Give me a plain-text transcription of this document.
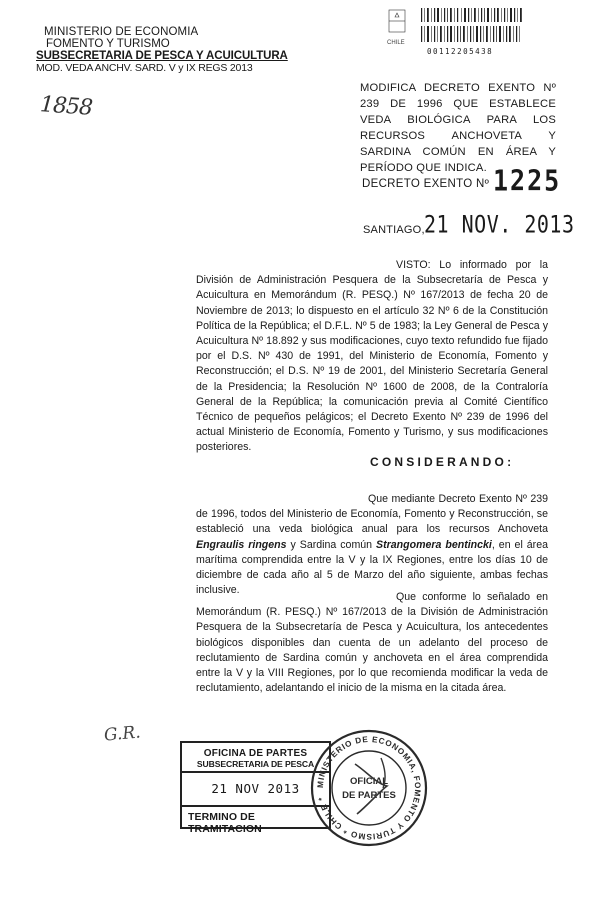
MINISTERIO DE ECONOMIA
FOMENTO Y TURISMO
SUBSECRETARIA DE PESCA Y ACUICULTURA
MOD. VEDA ANCHV. SARD. V y IX REGS 2013
CHILE
00112205438
1858
MODIFICA DECRETO EXENTO Nº 239 DE 1996 QUE ESTABLECE VEDA BIOLÓGICA PARA LOS RECURSOS ANCHOVETA Y SARDINA COMÚN EN ÁREA Y PERÍODO QUE INDICA.
DECRETO EXENTO Nº 1225
SANTIAGO, 21 NOV. 2013
VISTO: Lo informado por la División de Administración Pesquera de la Subsecretaría de Pesca y Acuicultura en Memorándum (R. PESQ.) Nº 167/2013 de fecha 20 de Noviembre de 2013; lo dispuesto en el artículo 32 Nº 6 de la Constitución Política de la República; el D.F.L. Nº 5 de 1983; la Ley General de Pesca y Acuicultura Nº 18.892 y sus modificaciones, cuyo texto refundido fue fijado por el D.S. Nº 430 de 1991, del Ministerio de Economía, Fomento y Reconstrucción; el D.S. Nº 19 de 2001, del Ministerio Secretaría General de la Presidencia; la Resolución Nº 1600 de 2008, de la Contraloría General de la República; la comunicación previa al Comité Científico Técnico de pequeños pelágicos; el Decreto Exento Nº 239 de 1996 del actual Ministerio de Economía, Fomento y Turismo, y sus modificaciones posteriores.
CONSIDERANDO:
Que mediante Decreto Exento Nº 239 de 1996, todos del Ministerio de Economía, Fomento y Reconstrucción, se estableció una veda biológica anual para los recursos Anchoveta Engraulis ringens y Sardina común Strangomera bentincki, en el área marítima comprendida entre la V y la IX Regiones, entre los días 10 de diciembre de cada año al 5 de Marzo del año siguiente, ambas fechas inclusive.
Que conforme lo señalado en Memorándum (R. PESQ.) Nº 167/2013 de la División de Administración Pesquera de la Subsecretaría de Pesca y Acuicultura, los antecedentes biológicos disponibles dan cuenta de un adelanto del proceso de reclutamiento de Sardina común y anchoveta en el área comprendida entre la V y la VIII Regiones, por lo que recomienda modificar la veda de reclutamiento, adelantando el inicio de la misma en la citada área.
G.R.
OFICINA DE PARTES
SUBSECRETARIA DE PESCA
21 NOV 2013
TERMINO DE TRAMITACION
MINISTERIO DE ECONOMIA, FOMENTO Y TURISMO * CHILE *
OFICIAL
DE PARTES
